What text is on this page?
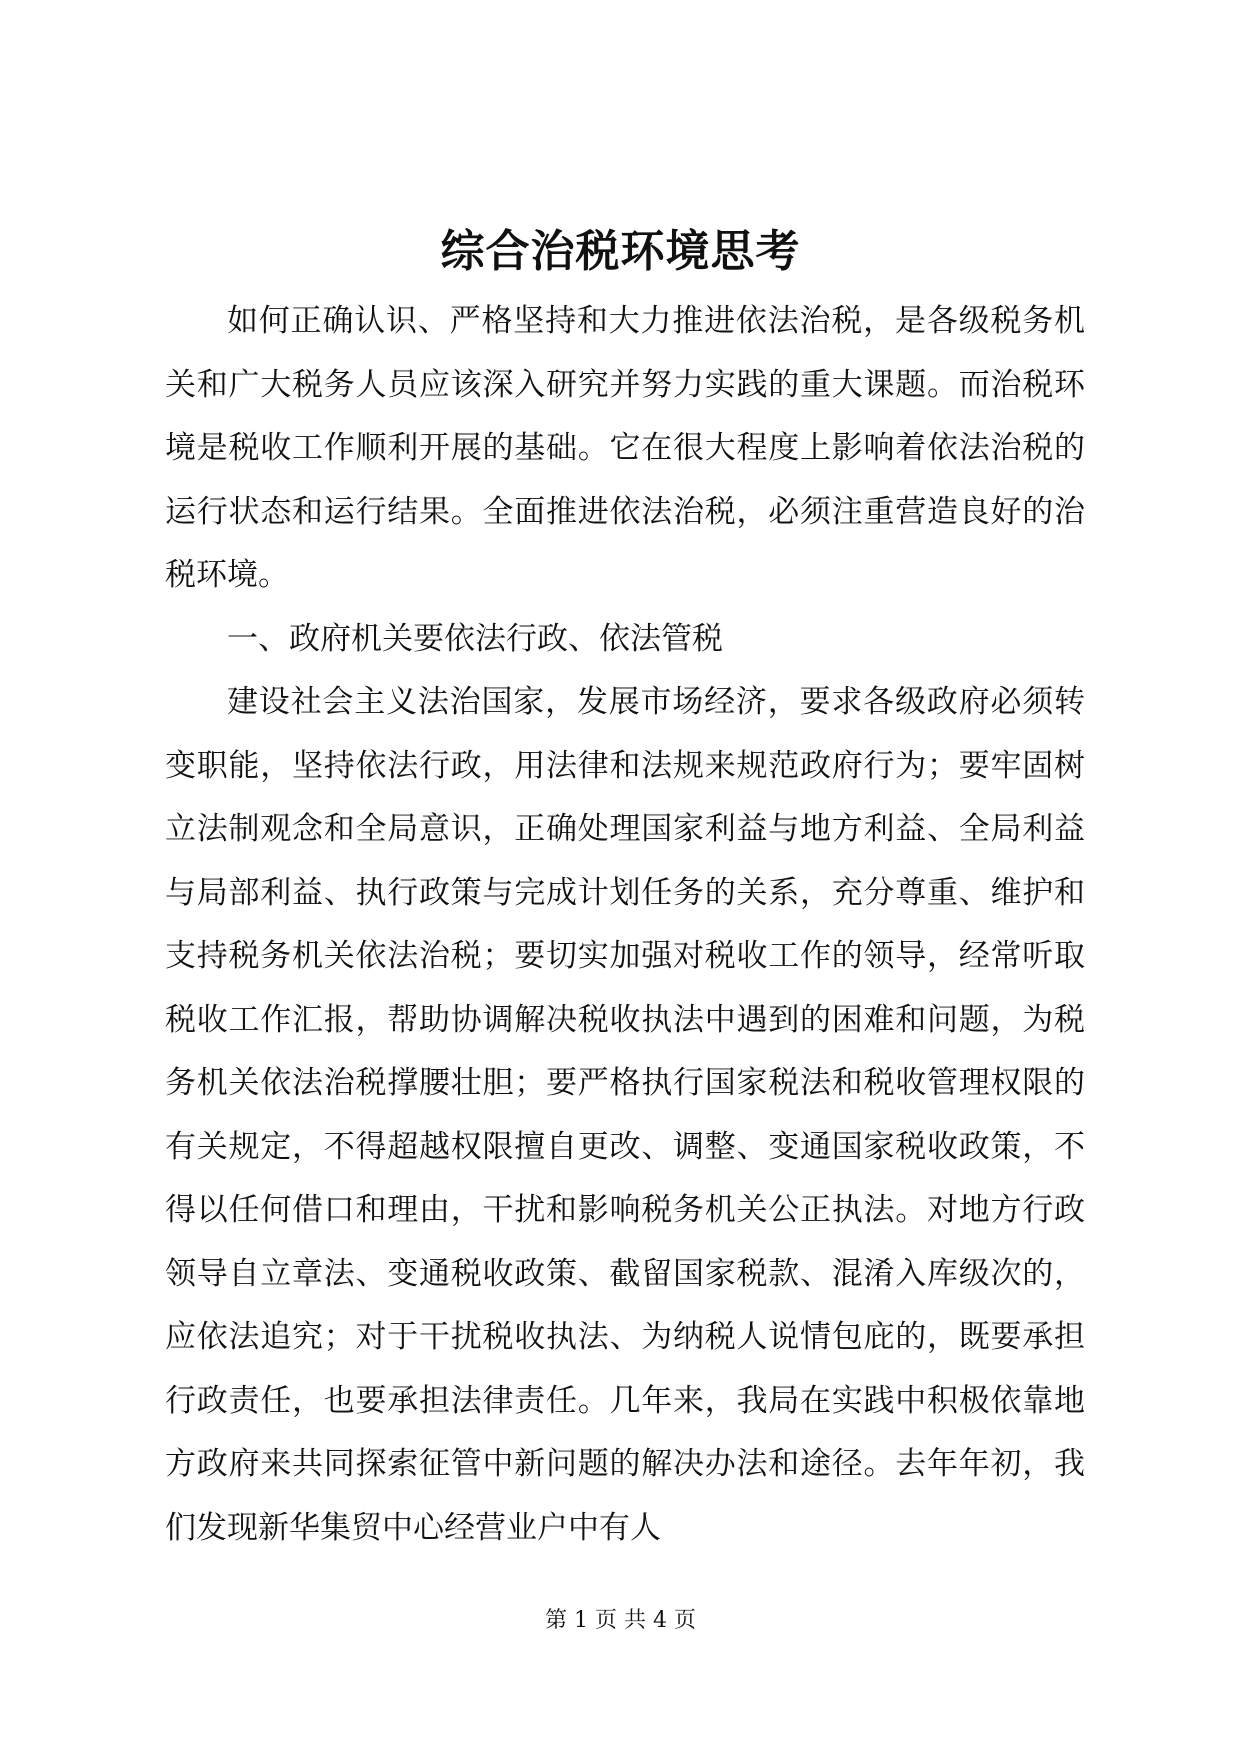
综合治税环境思考

如何正确认识、严格坚持和大力推进依法治税，是各级税务机关和广大税务人员应该深入研究并努力实践的重大课题。而治税环境是税收工作顺利开展的基础。它在很大程度上影响着依法治税的运行状态和运行结果。全面推进依法治税，必须注重营造良好的治税环境。

一、政府机关要依法行政、依法管税

建设社会主义法治国家，发展市场经济，要求各级政府必须转变职能，坚持依法行政，用法律和法规来规范政府行为；要牢固树立法制观念和全局意识，正确处理国家利益与地方利益、全局利益与局部利益、执行政策与完成计划任务的关系，充分尊重、维护和支持税务机关依法治税；要切实加强对税收工作的领导，经常听取税收工作汇报，帮助协调解决税收执法中遇到的困难和问题，为税务机关依法治税撑腰壮胆；要严格执行国家税法和税收管理权限的有关规定，不得超越权限擅自更改、调整、变通国家税收政策，不得以任何借口和理由，干扰和影响税务机关公正执法。对地方行政领导自立章法、变通税收政策、截留国家税款、混淆入库级次的，应依法追究；对于干扰税收执法、为纳税人说情包庇的，既要承担行政责任，也要承担法律责任。几年来，我局在实践中积极依靠地方政府来共同探索征管中新问题的解决办法和途径。去年年初，我们发现新华集贸中心经营业户中有人

第 1 页 共 4 页
